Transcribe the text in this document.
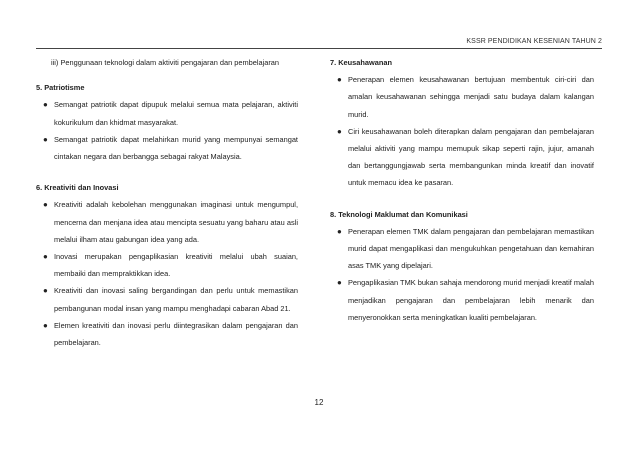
KSSR PENDIDIKAN KESENIAN TAHUN 2
iii) Penggunaan teknologi dalam aktiviti pengajaran dan pembelajaran
5. Patriotisme
● Semangat patriotik dapat dipupuk melalui semua mata pelajaran, aktiviti kokurikulum dan khidmat masyarakat.
● Semangat patriotik dapat melahirkan murid yang mempunyai semangat cintakan negara dan berbangga sebagai rakyat Malaysia.
6. Kreativiti dan Inovasi
● Kreativiti adalah kebolehan menggunakan imaginasi untuk mengumpul, mencerna dan menjana idea atau mencipta sesuatu yang baharu atau asli melalui ilham atau gabungan idea yang ada.
● Inovasi merupakan pengaplikasian kreativiti melalui ubah suaian, membaiki dan mempraktikkan idea.
● Kreativiti dan inovasi saling bergandingan dan perlu untuk memastikan pembangunan modal insan yang mampu menghadapi cabaran Abad 21.
● Elemen kreativiti dan inovasi perlu diintegrasikan dalam pengajaran dan pembelajaran.
7. Keusahawanan
● Penerapan elemen keusahawanan bertujuan membentuk ciri-ciri dan amalan keusahawanan sehingga menjadi satu budaya dalam kalangan murid.
● Ciri keusahawanan boleh diterapkan dalam pengajaran dan pembelajaran melalui aktiviti yang mampu memupuk sikap seperti rajin, jujur, amanah dan bertanggungjawab serta membangunkan minda kreatif dan inovatif untuk memacu idea ke pasaran.
8. Teknologi Maklumat dan Komunikasi
● Penerapan elemen TMK dalam pengajaran dan pembelajaran memastikan murid dapat mengaplikasi dan mengukuhkan pengetahuan dan kemahiran asas TMK yang dipelajari.
● Pengaplikasian TMK bukan sahaja mendorong murid menjadi kreatif malah menjadikan pengajaran dan pembelajaran lebih menarik dan menyeronokkan serta meningkatkan kualiti pembelajaran.
12
